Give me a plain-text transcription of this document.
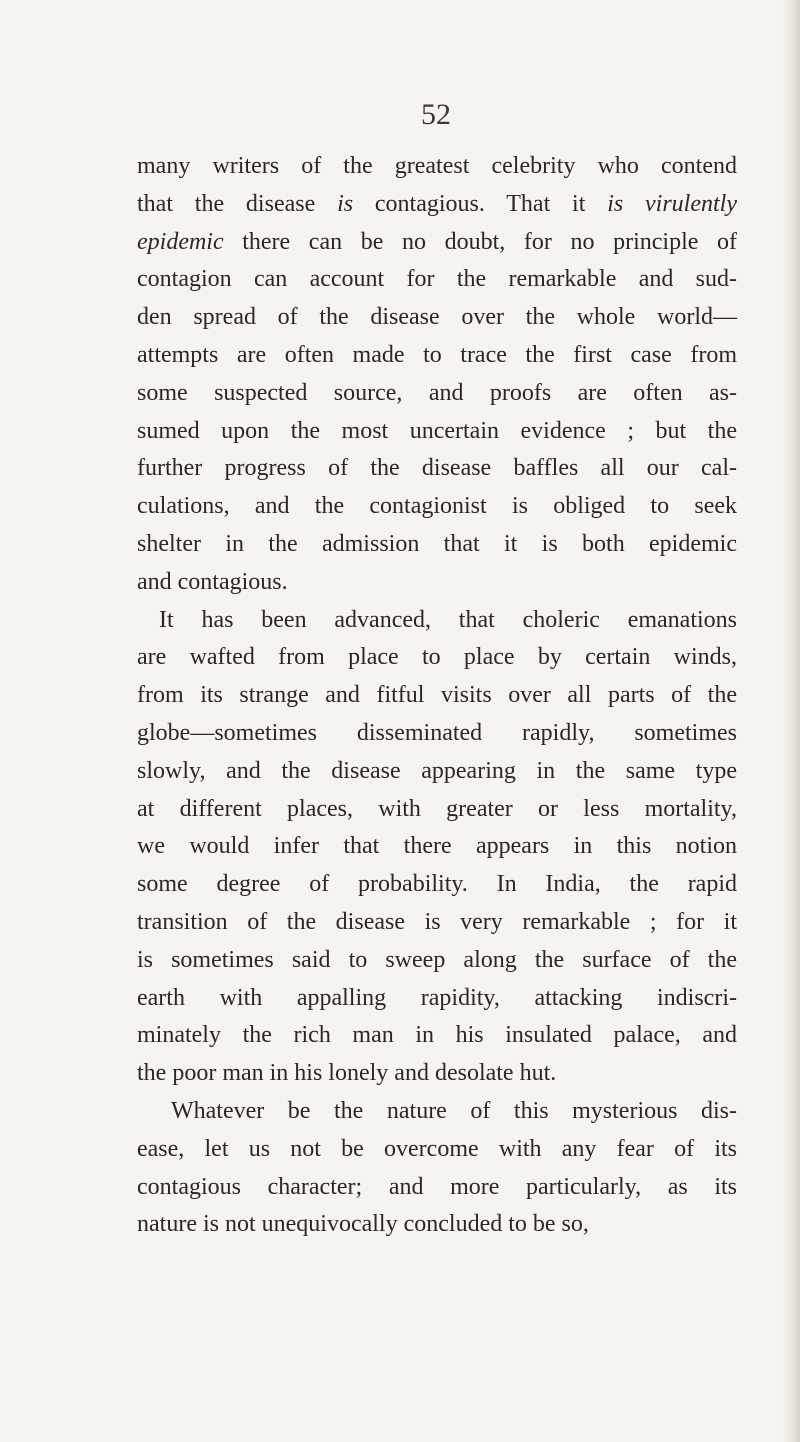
52
many writers of the greatest celebrity who contend
that the disease is contagious. That it is virulently
epidemic there can be no doubt, for no principle of
contagion can account for the remarkable and sud-
den spread of the disease over the whole world—
attempts are often made to trace the first case from
some suspected source, and proofs are often as-
sumed upon the most uncertain evidence ; but the
further progress of the disease baffles all our cal-
culations, and the contagionist is obliged to seek
shelter in the admission that it is both epidemic
and contagious.
It has been advanced, that choleric emanations
are wafted from place to place by certain winds,
from its strange and fitful visits over all parts of the
globe—sometimes disseminated rapidly, sometimes
slowly, and the disease appearing in the same type
at different places, with greater or less mortality,
we would infer that there appears in this notion
some degree of probability. In India, the rapid
transition of the disease is very remarkable ; for it
is sometimes said to sweep along the surface of the
earth with appalling rapidity, attacking indiscri-
minately the rich man in his insulated palace, and
the poor man in his lonely and desolate hut.
Whatever be the nature of this mysterious dis-
ease, let us not be overcome with any fear of its
contagious character; and more particularly, as its
nature is not unequivocally concluded to be so,
